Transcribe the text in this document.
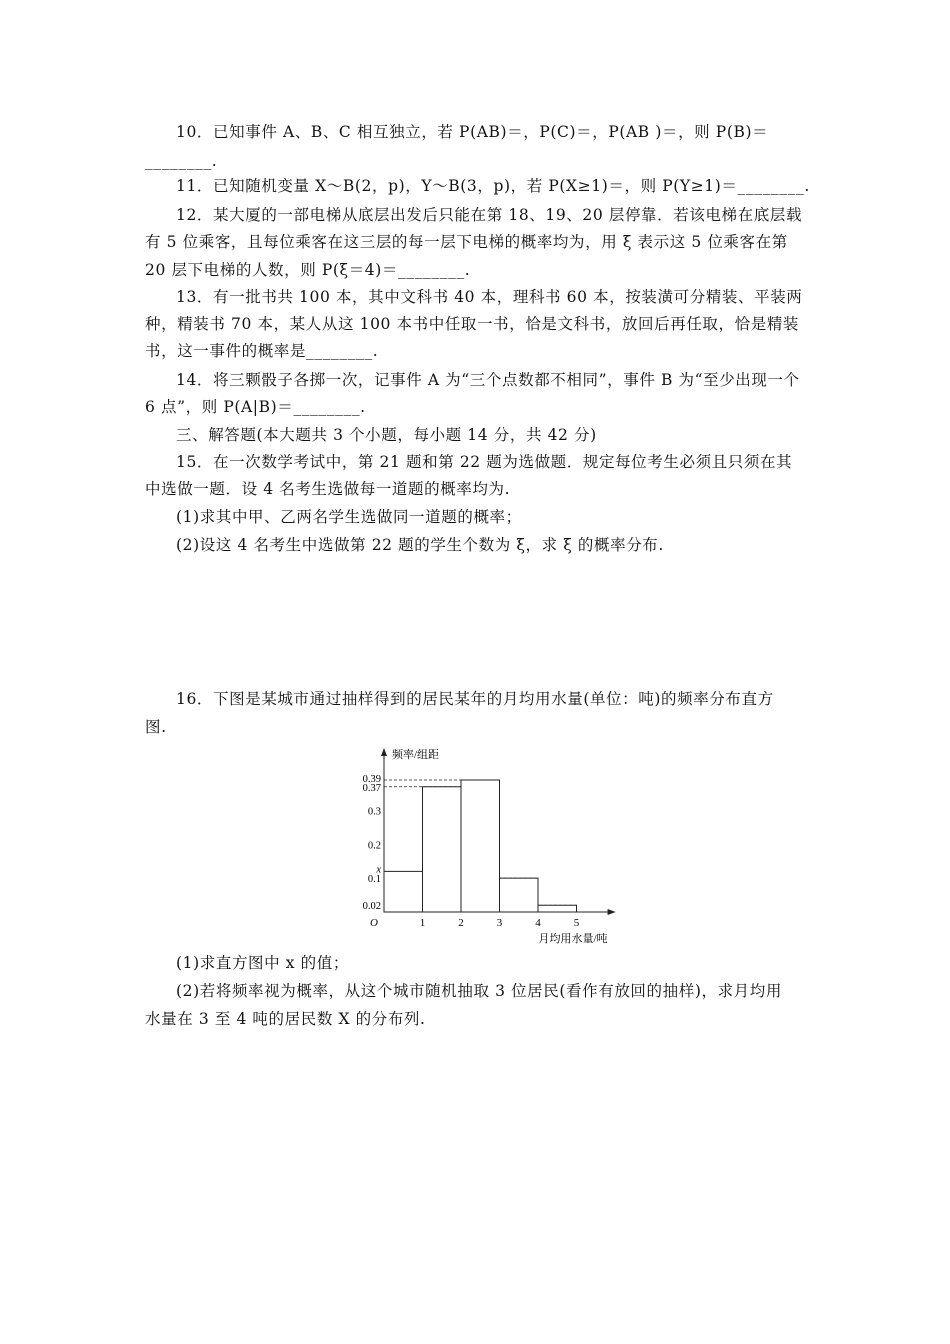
10．已知事件 A、B、C 相互独立，若 P(AB)＝，P(C)＝，P(AB )＝，则 P(B)＝
________.
11．已知随机变量 X～B(2，p)，Y～B(3，p)，若 P(X≥1)＝，则 P(Y≥1)＝________.
12．某大厦的一部电梯从底层出发后只能在第 18、19、20 层停靠．若该电梯在底层载
有 5 位乘客，且每位乘客在这三层的每一层下电梯的概率均为，用 ξ 表示这 5 位乘客在第
20 层下电梯的人数，则 P(ξ＝4)＝________.
13．有一批书共 100 本，其中文科书 40 本，理科书 60 本，按装潢可分精装、平装两
种，精装书 70 本，某人从这 100 本书中任取一书，恰是文科书，放回后再任取，恰是精装
书，这一事件的概率是________.
14．将三颗骰子各掷一次，记事件 A 为“三个点数都不相同”，事件 B 为“至少出现一个
6 点”，则 P(A|B)＝________.
三、解答题(本大题共 3 个小题，每小题 14 分，共 42 分)
15．在一次数学考试中，第 21 题和第 22 题为选做题．规定每位考生必须且只须在其
中选做一题．设 4 名考生选做每一道题的概率均为.
(1)求其中甲、乙两名学生选做同一道题的概率；
(2)设这 4 名考生中选做第 22 题的学生个数为 ξ，求 ξ 的概率分布.
16．下图是某城市通过抽样得到的居民某年的月均用水量(单位：吨)的频率分布直方
图.
频率/组距
月均用水量/吨
O	1	2	3	4	5
0.02
0.1
x
0.2
0.3
0.37
0.39
(1)求直方图中 x 的值；
(2)若将频率视为概率，从这个城市随机抽取 3 位居民(看作有放回的抽样)，求月均用
水量在 3 至 4 吨的居民数 X 的分布列.
